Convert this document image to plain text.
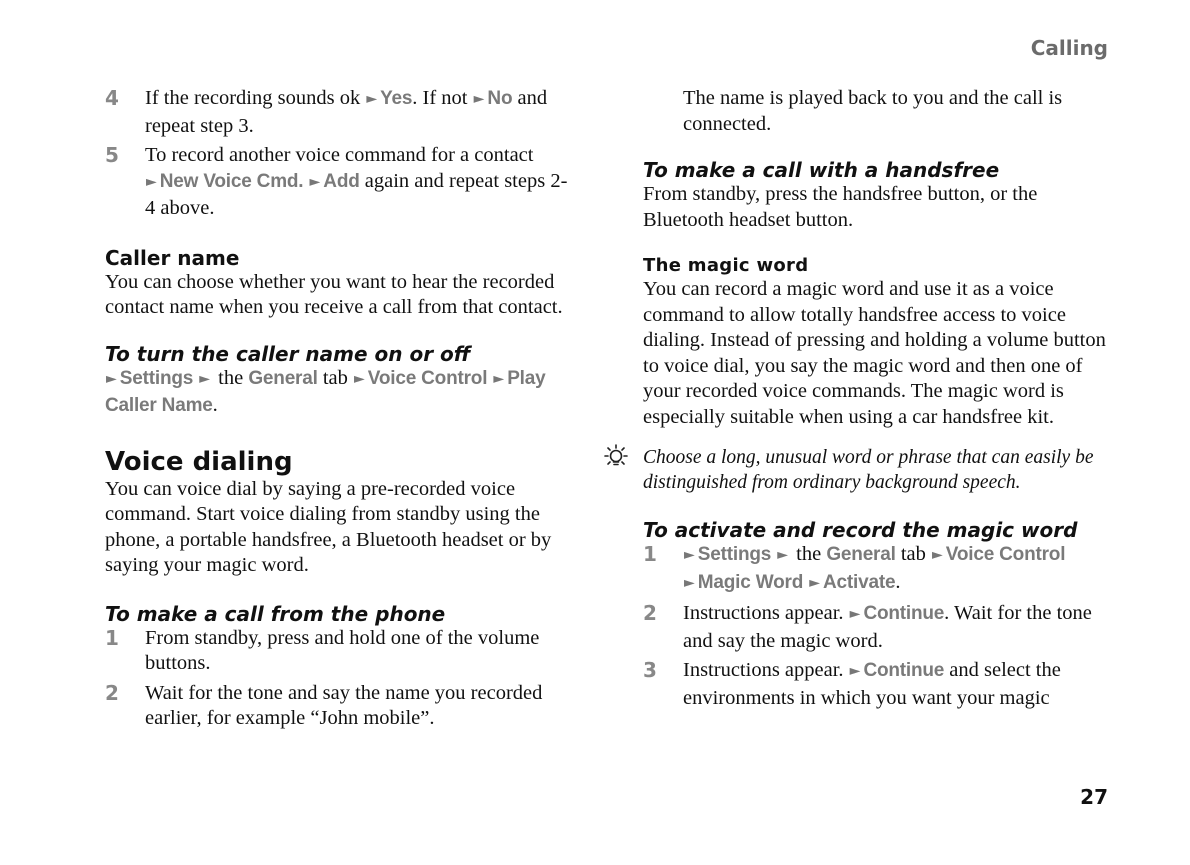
Calling
4	If the recording sounds ok ► Yes. If not ► No and repeat step 3.
5	To record another voice command for a contact ► New Voice Cmd. ► Add again and repeat steps 2-4 above.
Caller name

You can choose whether you want to hear the recorded contact name when you receive a call from that contact.

To turn the caller name on or off

► Settings ► the General tab ► Voice Control ► Play Caller Name.

Voice dialing

You can voice dial by saying a pre-recorded voice command. Start voice dialing from standby using the phone, a portable handsfree, a Bluetooth headset or by saying your magic word.

To make a call from the phone
1	From standby, press and hold one of the volume buttons.
2	Wait for the tone and say the name you recorded earlier, for example “John mobile”.

The name is played back to you and the call is connected.

To make a call with a handsfree

From standby, press the handsfree button, or the Bluetooth headset button.

The magic word

You can record a magic word and use it as a voice command to allow totally handsfree access to voice dialing. Instead of pressing and holding a volume button to voice dial, you say the magic word and then one of your recorded voice commands. The magic word is especially suitable when using a car handsfree kit.

Choose a long, unusual word or phrase that can easily be distinguished from ordinary background speech.

To activate and record the magic word
1	► Settings ► the General tab ► Voice Control ► Magic Word ► Activate.
2	Instructions appear. ► Continue. Wait for the tone and say the magic word.
3	Instructions appear. ► Continue and select the environments in which you want your magic
27
